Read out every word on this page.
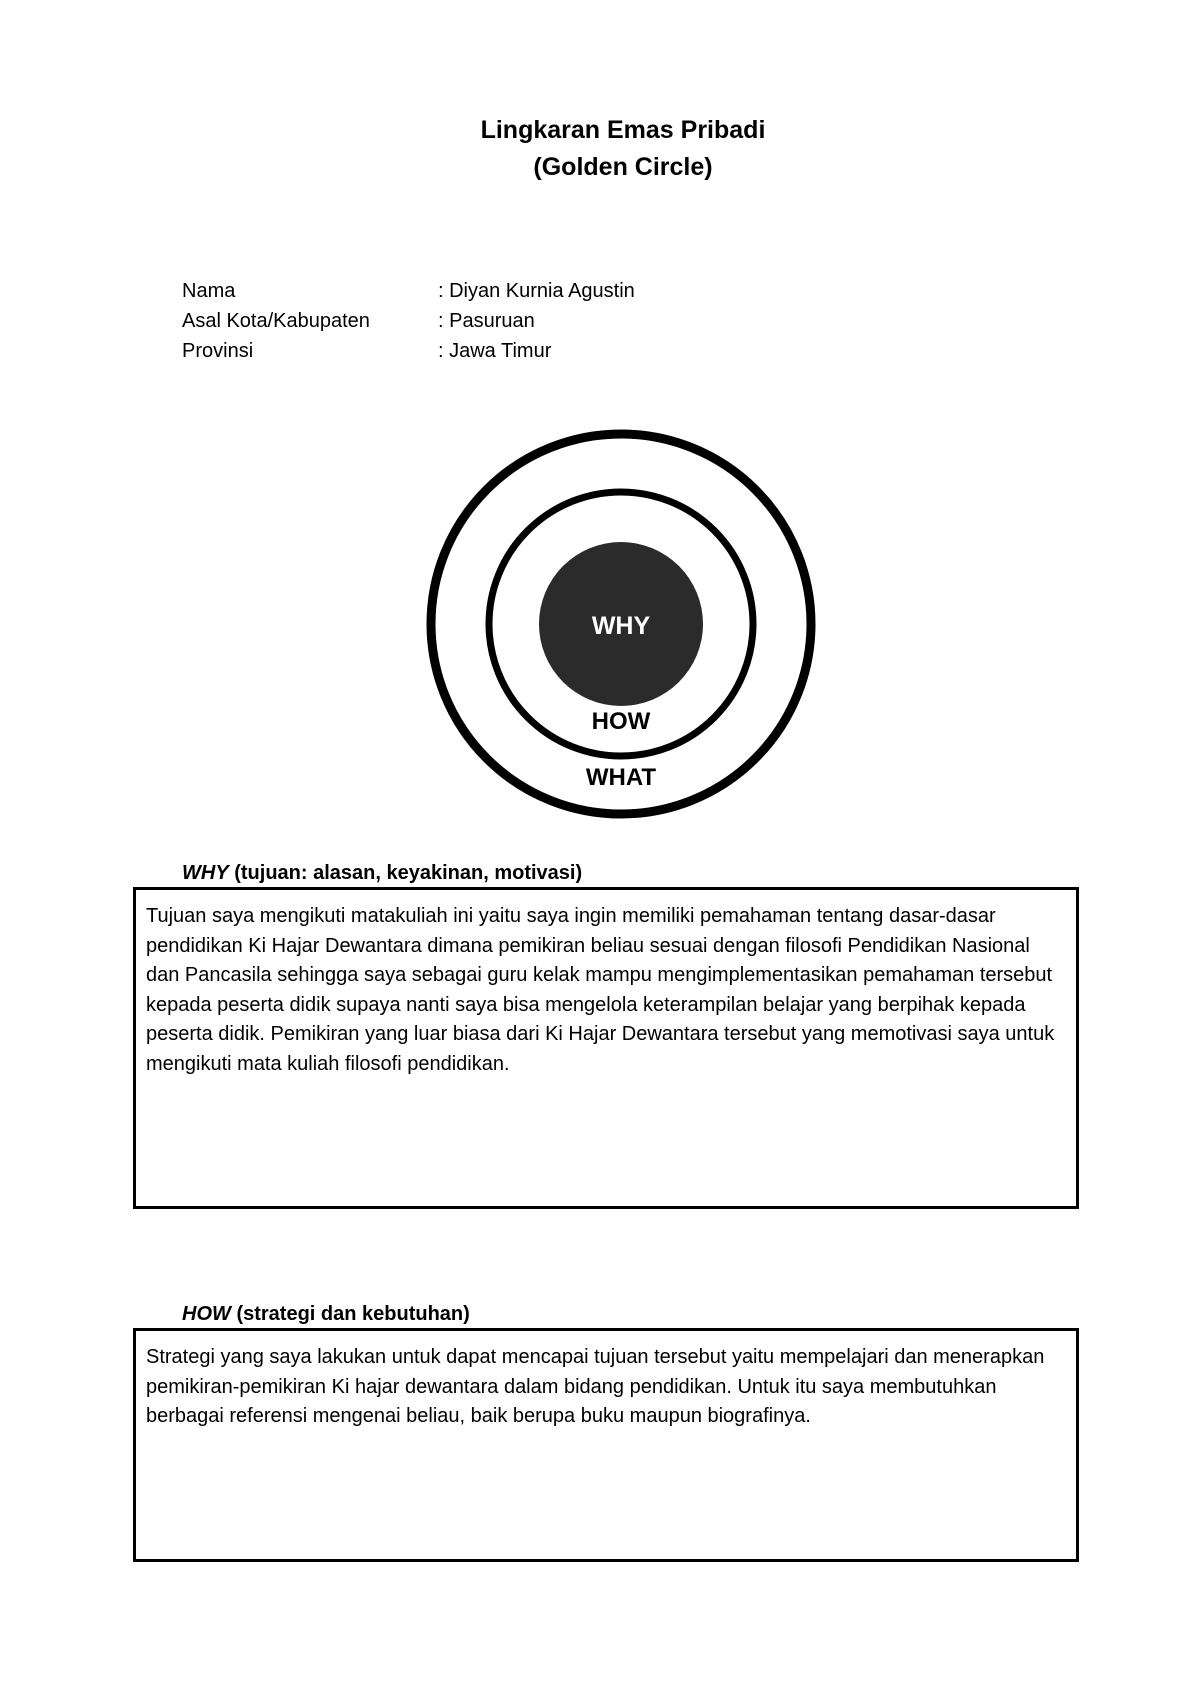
Lingkaran Emas Pribadi
(Golden Circle)
Nama	: Diyan Kurnia Agustin
Asal Kota/Kabupaten	: Pasuruan
Provinsi	: Jawa Timur
WHY
HOW
WHAT
WHY (tujuan: alasan, keyakinan, motivasi)

Tujuan saya mengikuti matakuliah ini yaitu saya ingin memiliki pemahaman tentang dasar-dasar pendidikan Ki Hajar Dewantara dimana pemikiran beliau sesuai dengan filosofi Pendidikan Nasional dan Pancasila sehingga saya sebagai guru kelak mampu mengimplementasikan pemahaman tersebut kepada peserta didik supaya nanti saya bisa mengelola keterampilan belajar yang berpihak kepada peserta didik. Pemikiran yang luar biasa dari Ki Hajar Dewantara tersebut yang memotivasi saya untuk mengikuti mata kuliah filosofi pendidikan.

HOW (strategi dan kebutuhan)

Strategi yang saya lakukan untuk dapat mencapai tujuan tersebut yaitu mempelajari dan menerapkan pemikiran-pemikiran Ki hajar dewantara dalam bidang pendidikan. Untuk itu saya membutuhkan berbagai referensi mengenai beliau, baik berupa buku maupun biografinya.
